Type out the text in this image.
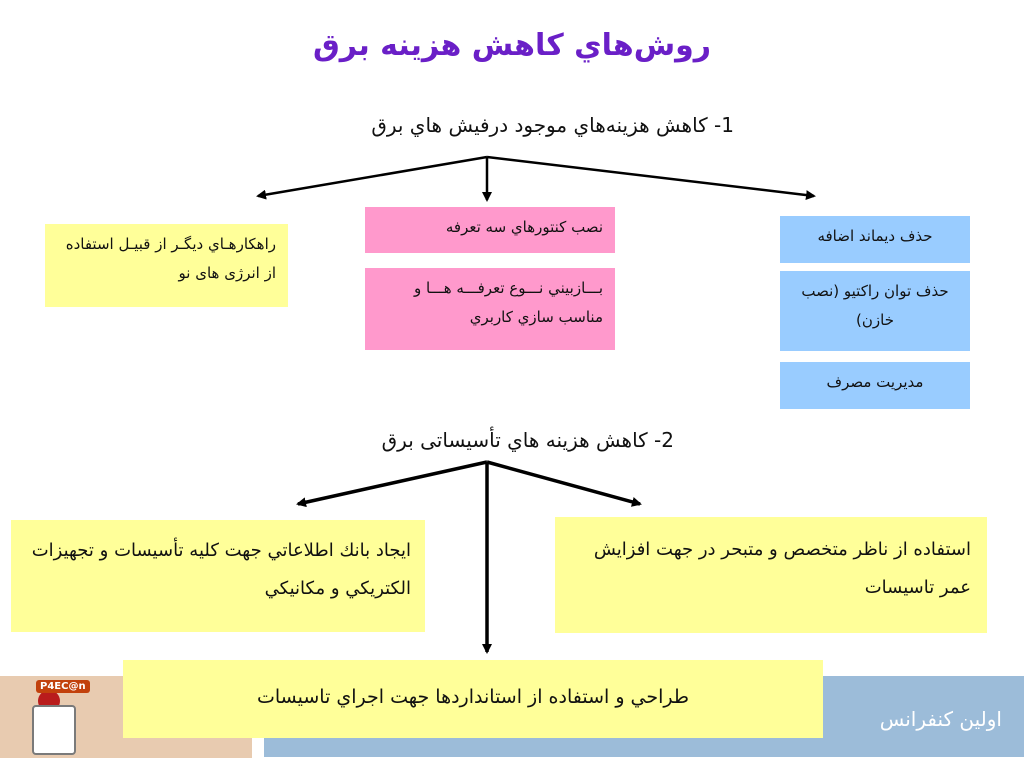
روش‌هاي کاهش هزينه برق
1- کاهش هزينه‌هاي موجود درفيش هاي برق
راهکارهـاي ديگـر از قبيـل استفاده از انرژی های نو
نصب كنتورهاي سه تعرفه
بـــازبيني نـــوع تعرفـــه هـــا و مناسب سازي کاربري
حذف ديماند اضافه
حذف توان راکتيو (نصب خازن)
مديريت مصرف
2- کاهش هزينه هاي تأسيساتی برق
ايجاد بانك اطلاعاتي جهت كليه تأسيسات و تجهيزات الكتريكي و مكانيكي
استفاده از ناظر متخصص و متبحر در جهت افزايش عمر تاسيسات
P4EC@n
اولين كنفرانس
طراحي و استفاده از استانداردها جهت اجراي تاسيسات
